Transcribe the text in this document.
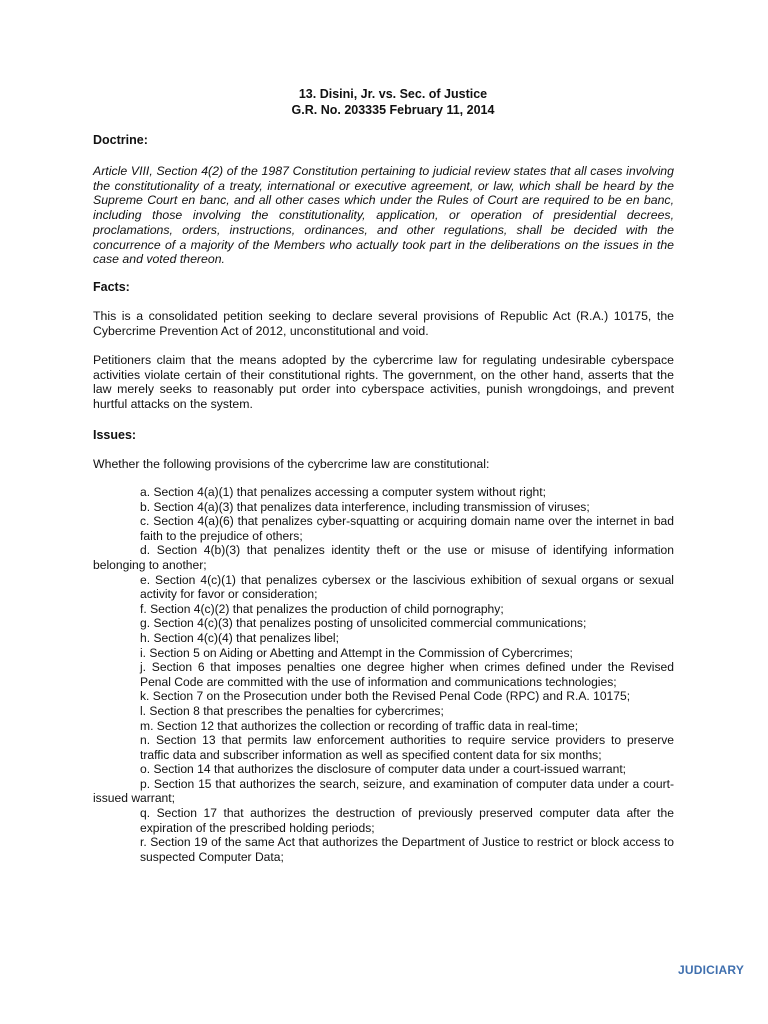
13. Disini, Jr. vs. Sec. of Justice
G.R. No. 203335 February 11, 2014
Doctrine:
Article VIII, Section 4(2) of the 1987 Constitution pertaining to judicial review states that all cases involving the constitutionality of a treaty, international or executive agreement, or law, which shall be heard by the Supreme Court en banc, and all other cases which under the Rules of Court are required to be en banc, including those involving the constitutionality, application, or operation of presidential decrees, proclamations, orders, instructions, ordinances, and other regulations, shall be decided with the concurrence of a majority of the Members who actually took part in the deliberations on the issues in the case and voted thereon.
Facts:
This is a consolidated petition seeking to declare several provisions of Republic Act (R.A.) 10175, the Cybercrime Prevention Act of 2012, unconstitutional and void.
Petitioners claim that the means adopted by the cybercrime law for regulating undesirable cyberspace activities violate certain of their constitutional rights. The government, on the other hand, asserts that the law merely seeks to reasonably put order into cyberspace activities, punish wrongdoings, and prevent hurtful attacks on the system.
Issues:
Whether the following provisions of the cybercrime law are constitutional:
a. Section 4(a)(1) that penalizes accessing a computer system without right;
b. Section 4(a)(3) that penalizes data interference, including transmission of viruses;
c. Section 4(a)(6) that penalizes cyber-squatting or acquiring domain name over the internet in bad faith to the prejudice of others;
d. Section 4(b)(3) that penalizes identity theft or the use or misuse of identifying information belonging to another;
e. Section 4(c)(1) that penalizes cybersex or the lascivious exhibition of sexual organs or sexual activity for favor or consideration;
f. Section 4(c)(2) that penalizes the production of child pornography;
g. Section 4(c)(3) that penalizes posting of unsolicited commercial communications;
h. Section 4(c)(4) that penalizes libel;
i. Section 5 on Aiding or Abetting and Attempt in the Commission of Cybercrimes;
j. Section 6 that imposes penalties one degree higher when crimes defined under the Revised Penal Code are committed with the use of information and communications technologies;
k. Section 7 on the Prosecution under both the Revised Penal Code (RPC) and R.A. 10175;
l. Section 8 that prescribes the penalties for cybercrimes;
m. Section 12 that authorizes the collection or recording of traffic data in real-time;
n. Section 13 that permits law enforcement authorities to require service providers to preserve traffic data and subscriber information as well as specified content data for six months;
o. Section 14 that authorizes the disclosure of computer data under a court-issued warrant;
p. Section 15 that authorizes the search, seizure, and examination of computer data under a court-issued warrant;
q. Section 17 that authorizes the destruction of previously preserved computer data after the expiration of the prescribed holding periods;
r. Section 19 of the same Act that authorizes the Department of Justice to restrict or block access to suspected Computer Data;
JUDICIARY
